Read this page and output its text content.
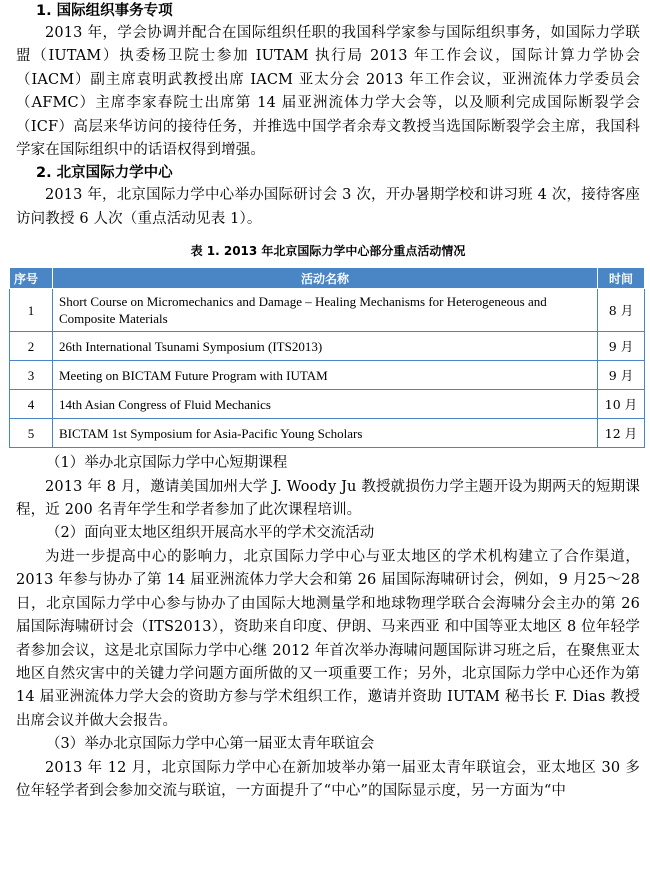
1. 国际组织事务专项

2013 年，学会协调并配合在国际组织任职的我国科学家参与国际组织事务，如国际力学联盟（IUTAM）执委杨卫院士参加 IUTAM 执行局 2013 年工作会议，国际计算力学协会（IACM）副主席袁明武教授出席 IACM 亚太分会 2013 年工作会议，亚洲流体力学委员会（AFMC）主席李家春院士出席第 14 届亚洲流体力学大会等，以及顺利完成国际断裂学会（ICF）高层来华访问的接待任务，并推选中国学者余寿文教授当选国际断裂学会主席，我国科学家在国际组织中的话语权得到增强。

2. 北京国际力学中心

2013 年，北京国际力学中心举办国际研讨会 3 次，开办暑期学校和讲习班 4 次，接待客座访问教授 6 人次（重点活动见表 1）。

表 1. 2013 年北京国际力学中心部分重点活动情况

序号	活动名称	时间
1	Short Course on Micromechanics and Damage – Healing Mechanisms for Heterogeneous and Composite Materials	8 月
2	26th International Tsunami Symposium (ITS2013)	9 月
3	Meeting on BICTAM Future Program with IUTAM	9 月
4	14th Asian Congress of Fluid Mechanics	10 月
5	BICTAM 1st Symposium for Asia-Pacific Young Scholars	12 月

（1）举办北京国际力学中心短期课程

2013 年 8 月，邀请美国加州大学 J. Woody Ju 教授就损伤力学主题开设为期两天的短期课程，近 200 名青年学生和学者参加了此次课程培训。

（2）面向亚太地区组织开展高水平的学术交流活动

为进一步提高中心的影响力，北京国际力学中心与亚太地区的学术机构建立了合作渠道，2013 年参与协办了第 14 届亚洲流体力学大会和第 26 届国际海啸研讨会，例如，9 月25～28 日，北京国际力学中心参与协办了由国际大地测量学和地球物理学联合会海啸分会主办的第 26 届国际海啸研讨会（ITS2013），资助来自印度、伊朗、马来西亚 和中国等亚太地区 8 位年轻学者参加会议，这是北京国际力学中心继 2012 年首次举办海啸问题国际讲习班之后，在聚焦亚太地区自然灾害中的关键力学问题方面所做的又一项重要工作；另外，北京国际力学中心还作为第 14 届亚洲流体力学大会的资助方参与学术组织工作，邀请并资助 IUTAM 秘书长 F. Dias 教授出席会议并做大会报告。

（3）举办北京国际力学中心第一届亚太青年联谊会

2013 年 12 月，北京国际力学中心在新加坡举办第一届亚太青年联谊会，亚太地区 30 多位年轻学者到会参加交流与联谊，一方面提升了“中心”的国际显示度，另一方面为“中
